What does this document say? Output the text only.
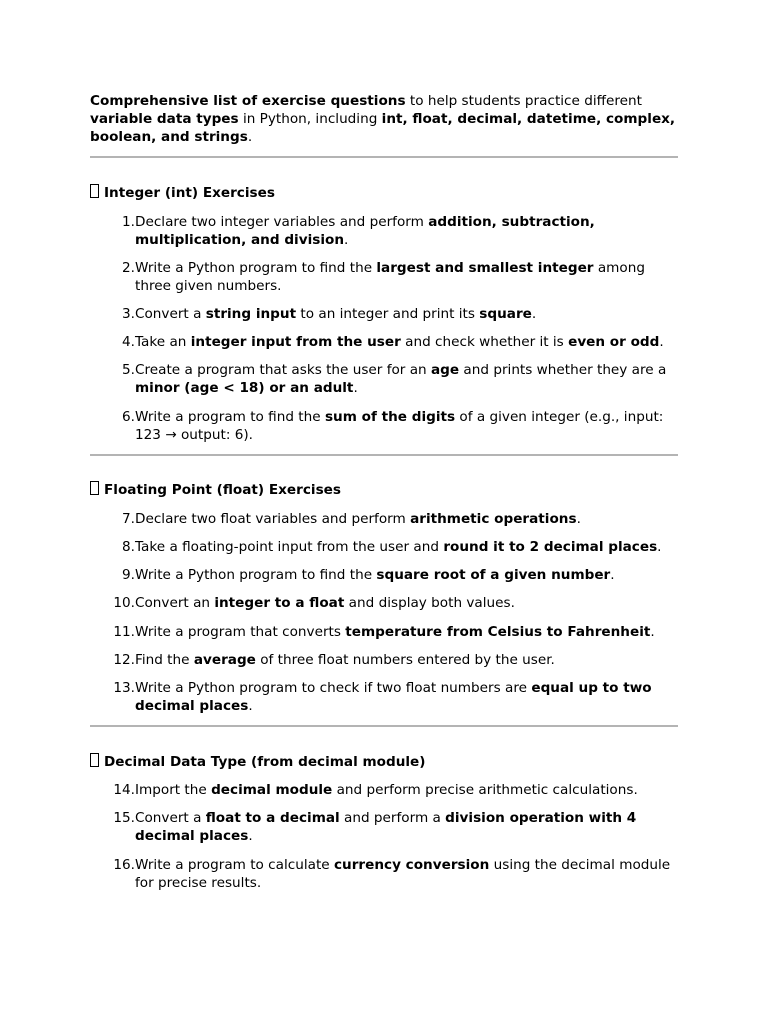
Comprehensive list of exercise questions to help students practice different variable data types in Python, including int, float, decimal, datetime, complex, boolean, and strings.

Integer (int) Exercises

1. Declare two integer variables and perform addition, subtraction, multiplication, and division.
2. Write a Python program to find the largest and smallest integer among three given numbers.
3. Convert a string input to an integer and print its square.
4. Take an integer input from the user and check whether it is even or odd.
5. Create a program that asks the user for an age and prints whether they are a minor (age < 18) or an adult.
6. Write a program to find the sum of the digits of a given integer (e.g., input: 123 → output: 6).

Floating Point (float) Exercises

7. Declare two float variables and perform arithmetic operations.
8. Take a floating-point input from the user and round it to 2 decimal places.
9. Write a Python program to find the square root of a given number.
10. Convert an integer to a float and display both values.
11. Write a program that converts temperature from Celsius to Fahrenheit.
12. Find the average of three float numbers entered by the user.
13. Write a Python program to check if two float numbers are equal up to two decimal places.

Decimal Data Type (from decimal module)

14. Import the decimal module and perform precise arithmetic calculations.
15. Convert a float to a decimal and perform a division operation with 4 decimal places.
16. Write a program to calculate currency conversion using the decimal module for precise results.
